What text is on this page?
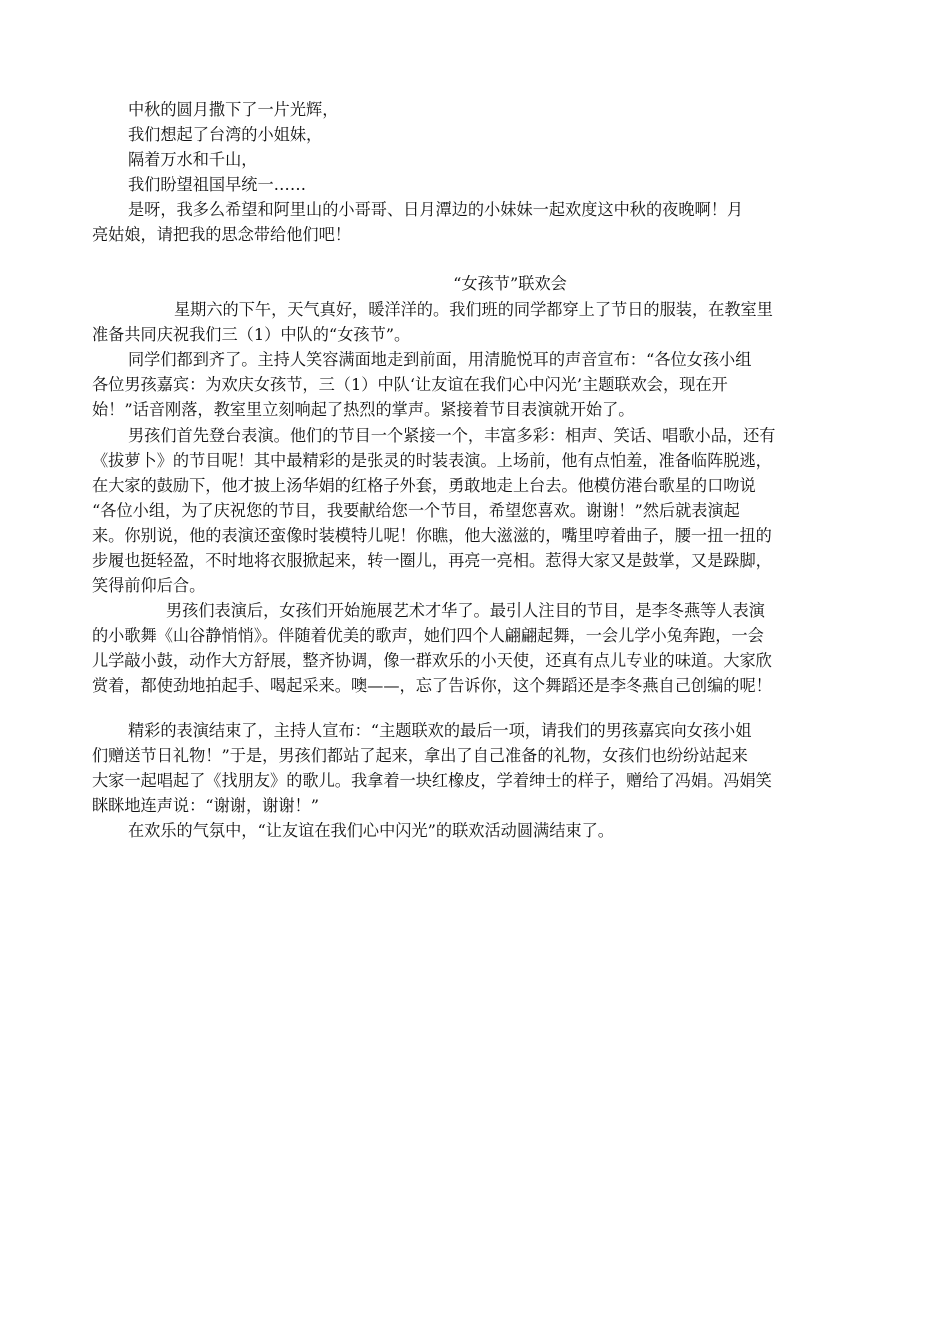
中秋的圆月撒下了一片光辉，
我们想起了台湾的小姐妹，
隔着万水和千山，
我们盼望祖国早统一……
是呀，我多么希望和阿里山的小哥哥、日月潭边的小妹妹一起欢度这中秋的夜晚啊！月
亮姑娘，请把我的思念带给他们吧！
“女孩节”联欢会
星期六的下午，天气真好，暖洋洋的。我们班的同学都穿上了节日的服装，在教室里
准备共同庆祝我们三（1）中队的“女孩节”。
同学们都到齐了。主持人笑容满面地走到前面，用清脆悦耳的声音宣布：“各位女孩小组
各位男孩嘉宾：为欢庆女孩节，三（1）中队‘让友谊在我们心中闪光’主题联欢会，现在开
始！”话音刚落，教室里立刻响起了热烈的掌声。紧接着节目表演就开始了。
男孩们首先登台表演。他们的节目一个紧接一个，丰富多彩：相声、笑话、唱歌小品，还有
《拔萝卜》的节目呢！其中最精彩的是张灵的时装表演。上场前，他有点怕羞，准备临阵脱逃，
在大家的鼓励下，他才披上汤华娟的红格子外套，勇敢地走上台去。他模仿港台歌星的口吻说
“各位小组，为了庆祝您的节目，我要献给您一个节目，希望您喜欢。谢谢！”然后就表演起
来。你别说，他的表演还蛮像时装模特儿呢！你瞧，他大滋滋的，嘴里哼着曲子，腰一扭一扭的
步履也挺轻盈，不时地将衣服掀起来，转一圈儿，再亮一亮相。惹得大家又是鼓掌，又是跺脚，
笑得前仰后合。
男孩们表演后，女孩们开始施展艺术才华了。最引人注目的节目，是李冬燕等人表演
的小歌舞《山谷静悄悄》。伴随着优美的歌声，她们四个人翩翩起舞，一会儿学小兔奔跑，一会
儿学敲小鼓，动作大方舒展，整齐协调，像一群欢乐的小天使，还真有点儿专业的味道。大家欣
赏着，都使劲地拍起手、喝起采来。噢——，忘了告诉你，这个舞蹈还是李冬燕自己创编的呢！
精彩的表演结束了，主持人宣布：“主题联欢的最后一项，请我们的男孩嘉宾向女孩小姐
们赠送节日礼物！”于是，男孩们都站了起来，拿出了自己准备的礼物，女孩们也纷纷站起来
大家一起唱起了《找朋友》的歌儿。我拿着一块红橡皮，学着绅士的样子，赠给了冯娟。冯娟笑
眯眯地连声说：“谢谢，谢谢！”
在欢乐的气氛中，“让友谊在我们心中闪光”的联欢活动圆满结束了。
